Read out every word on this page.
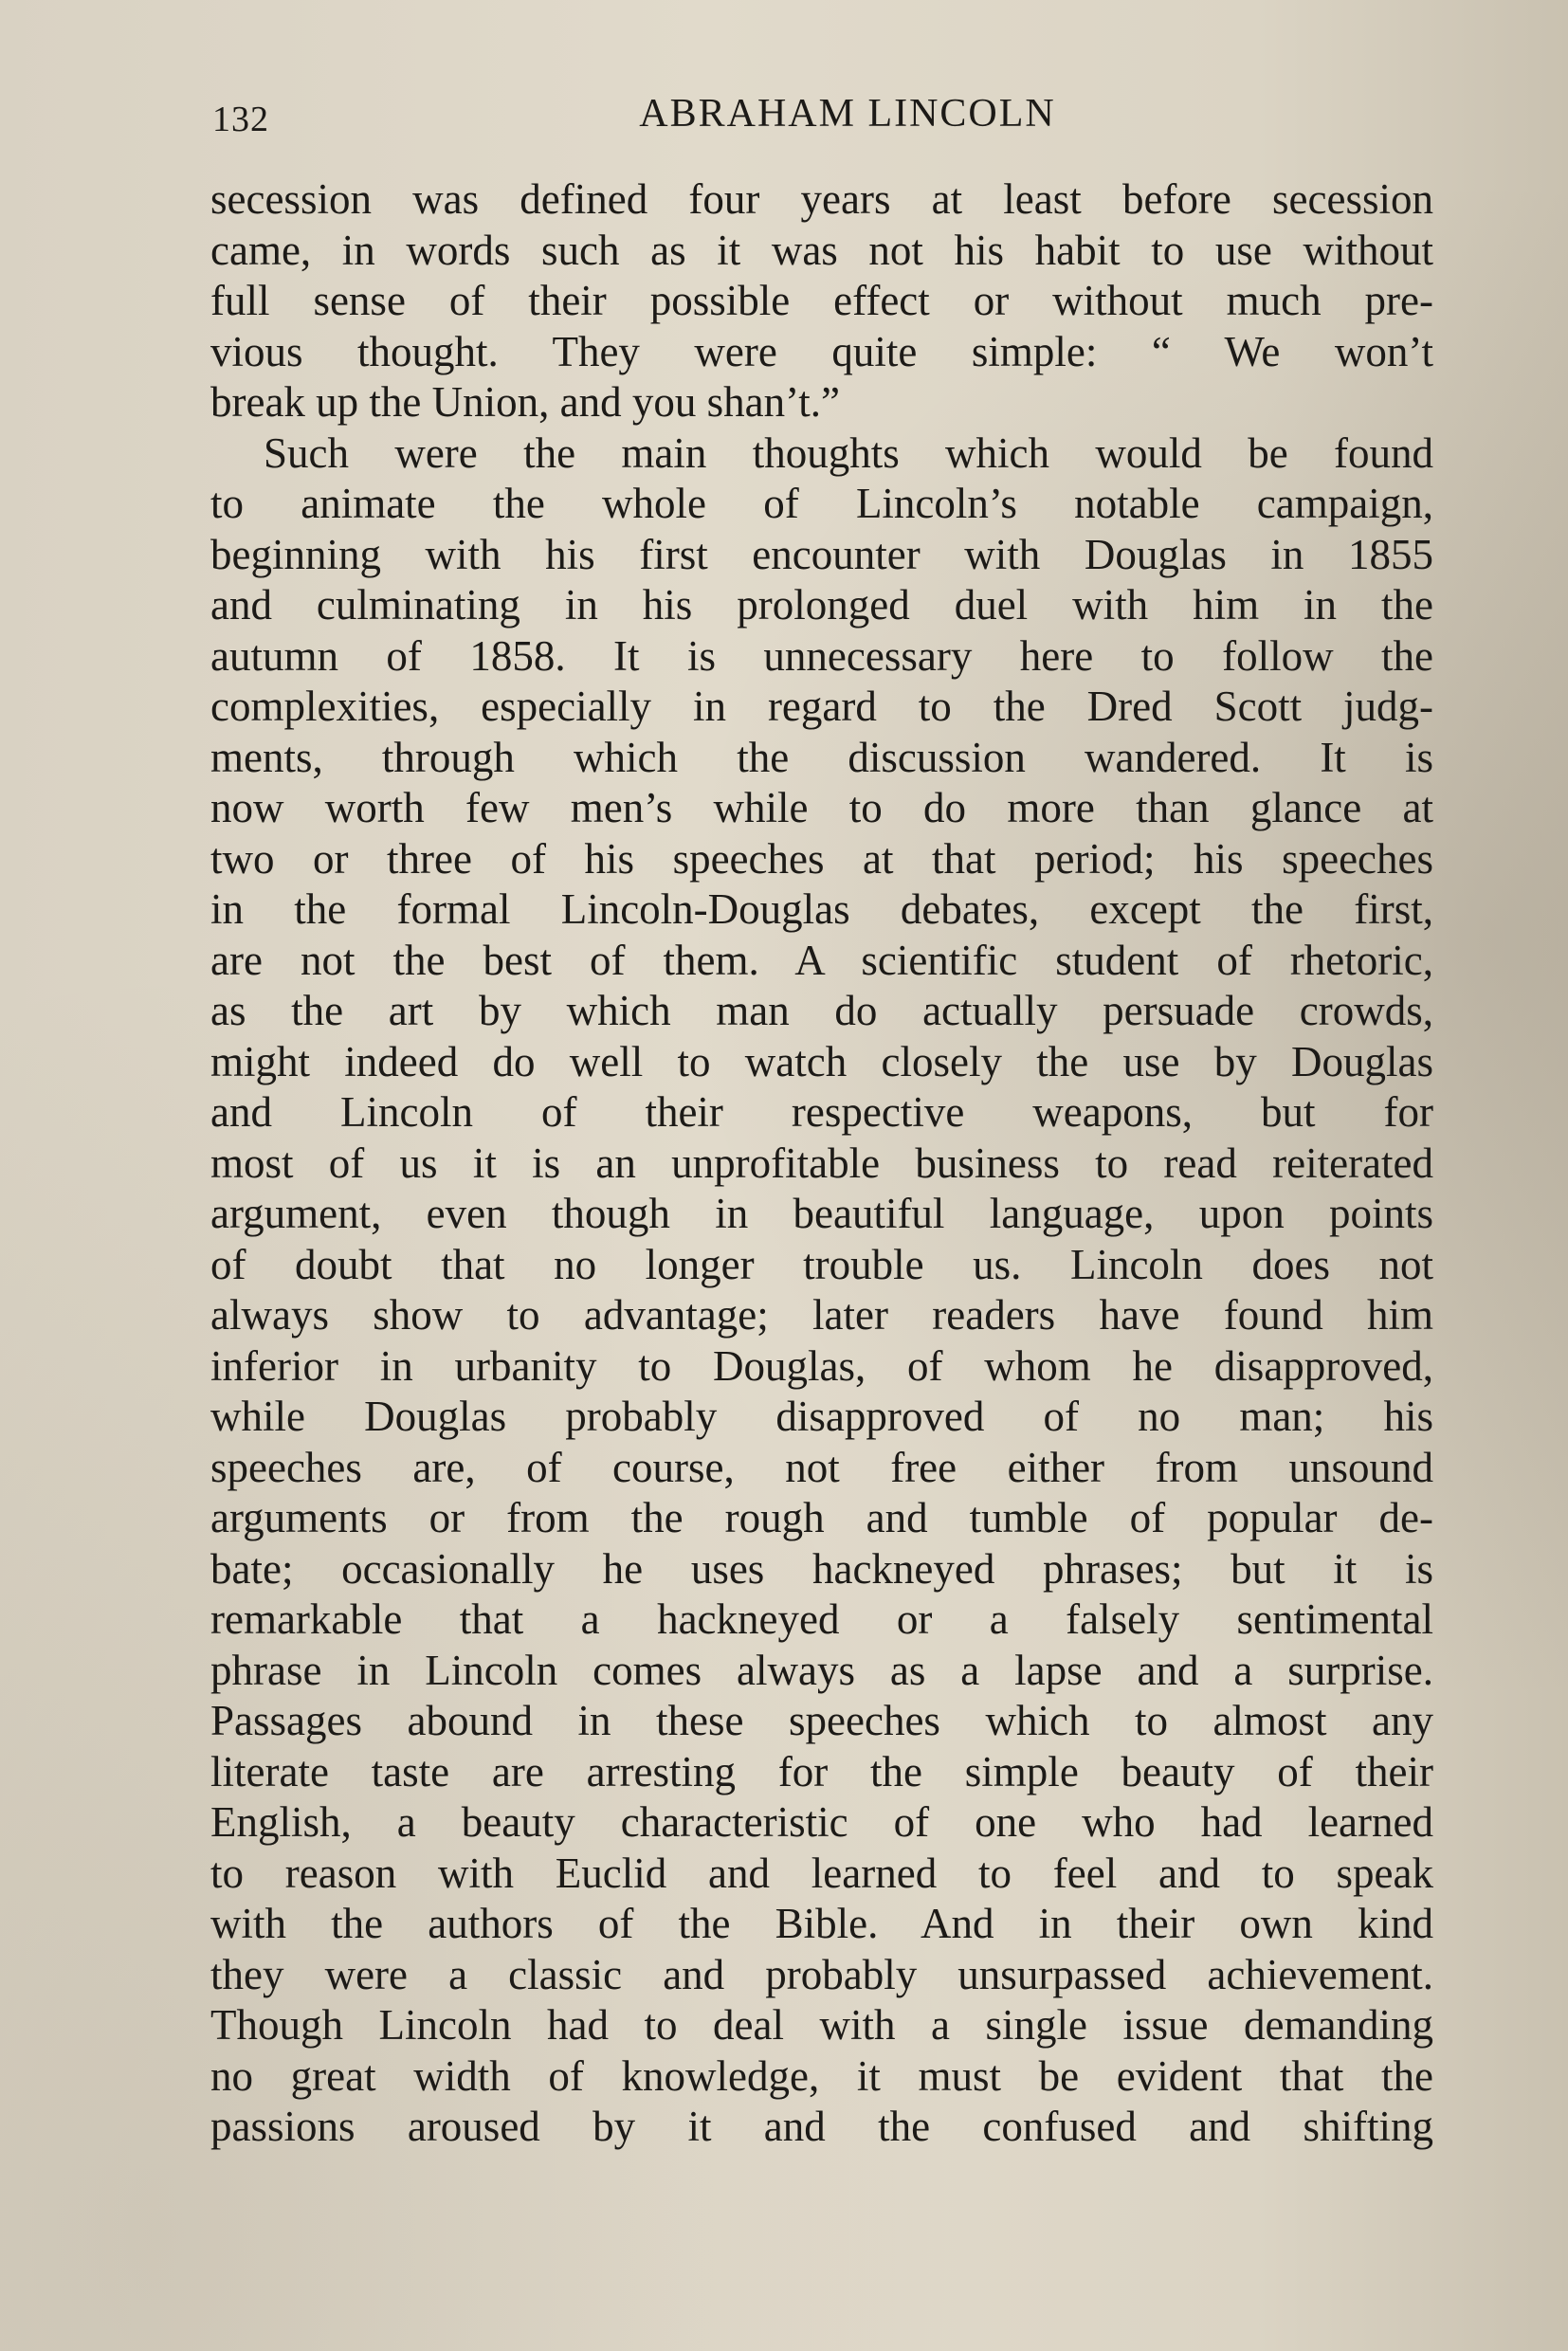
132	ABRAHAM LINCOLN
secession was defined four years at least before secession
came, in words such as it was not his habit to use without
full sense of their possible effect or without much pre-
vious thought. They were quite simple: “ We won’t
break up the Union, and you shan’t.”
Such were the main thoughts which would be found
to animate the whole of Lincoln’s notable campaign,
beginning with his first encounter with Douglas in 1855
and culminating in his prolonged duel with him in the
autumn of 1858. It is unnecessary here to follow the
complexities, especially in regard to the Dred Scott judg-
ments, through which the discussion wandered. It is
now worth few men’s while to do more than glance at
two or three of his speeches at that period; his speeches
in the formal Lincoln-Douglas debates, except the first,
are not the best of them. A scientific student of rhetoric,
as the art by which man do actually persuade crowds,
might indeed do well to watch closely the use by Douglas
and Lincoln of their respective weapons, but for
most of us it is an unprofitable business to read reiterated
argument, even though in beautiful language, upon points
of doubt that no longer trouble us. Lincoln does not
always show to advantage; later readers have found him
inferior in urbanity to Douglas, of whom he disapproved,
while Douglas probably disapproved of no man; his
speeches are, of course, not free either from unsound
arguments or from the rough and tumble of popular de-
bate; occasionally he uses hackneyed phrases; but it is
remarkable that a hackneyed or a falsely sentimental
phrase in Lincoln comes always as a lapse and a surprise.
Passages abound in these speeches which to almost any
literate taste are arresting for the simple beauty of their
English, a beauty characteristic of one who had learned
to reason with Euclid and learned to feel and to speak
with the authors of the Bible. And in their own kind
they were a classic and probably unsurpassed achievement.
Though Lincoln had to deal with a single issue demanding
no great width of knowledge, it must be evident that the
passions aroused by it and the confused and shifting
